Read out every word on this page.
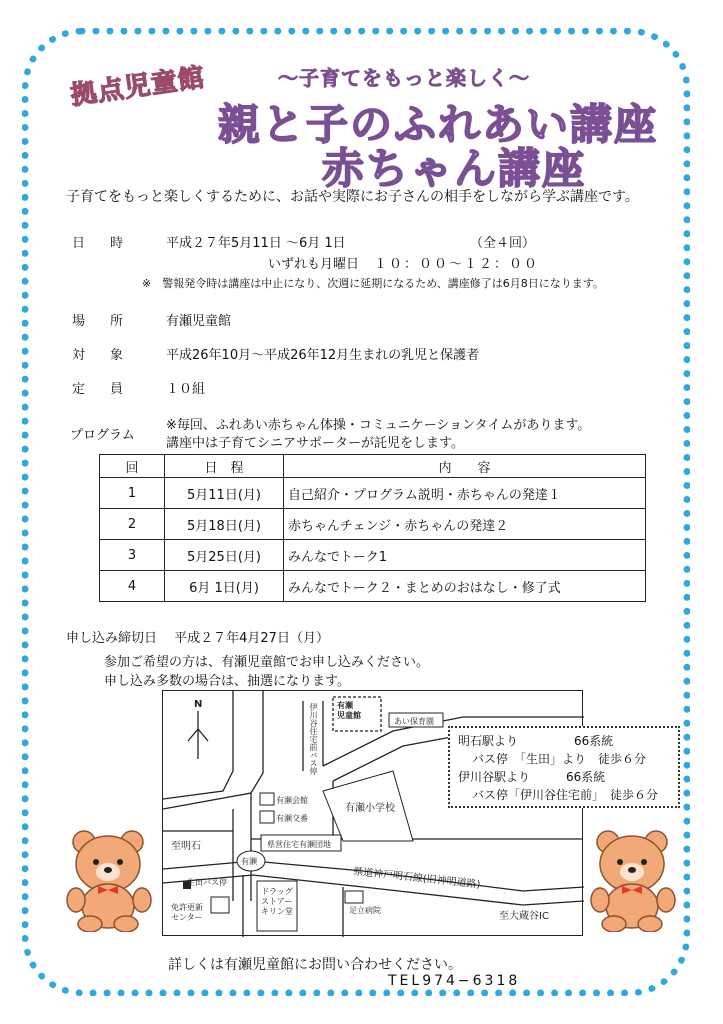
拠点児童館	～子育てをもっと楽しく～
親と子のふれあい講座
赤ちゃん講座
子育てをもっと楽しくするために、お話や実際にお子さんの相手をしながら学ぶ講座です。
日　時	平成２７年5月11日 ～6月 1日	（全４回）
いずれも月曜日 １０：００～１２：００
※　警報発令時は講座は中止になり、次週に延期になるため、講座修了は6月8日になります。
場　所	有瀬児童館
対　象	平成26年10月～平成26年12月生まれの乳児と保護者
定　員	１０組
プログラム
※毎回、ふれあい赤ちゃん体操・コミュニケーションタイムがあります。
講座中は子育てシニアサポーターが託児をします。
回	日　程	内　　容
1	5月11日(月)	自己紹介・プログラム説明・赤ちゃんの発達１
2	5月18日(月)	赤ちゃんチェンジ・赤ちゃんの発達２
3	5月25日(月)	みんなでトーク1
4	6月 1日(月)	みんなでトーク２・まとめのおはなし・修了式
申し込み締切日　 平成２７年4月27日（月）
参加ご希望の方は、有瀬児童館でお申し込みください。
申し込み多数の場合は、抽選になります。
N	有瀬
児童館
あい保育園
伊川谷住宅前バス停
有瀬会館
有瀬交番
有瀬小学校
県営住宅有瀬団地
至明石
有瀬
生田バス停
免許更新
センター
ドラッグ
ストアー
キリン堂	足立病院
県道神戸明石線(旧神明道路)
至大蔵谷IC
明石駅より	66系統
バス停　「生田」より　徒歩６分
伊川谷駅より	66系統
バス停「伊川谷住宅前」　徒歩６分
詳しくは有瀬児童館にお問い合わせください。
TEL974−6318
